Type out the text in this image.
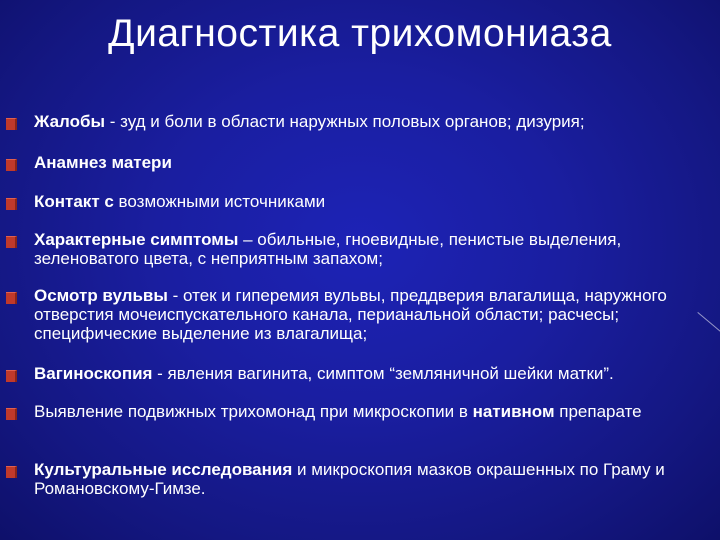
Диагностика трихомониаза
Жалобы - зуд и боли в области наружных половых органов; дизурия;
Анамнез матери
Контакт с возможными источниками
Характерные симптомы – обильные, гноевидные, пенистые выделения, зеленоватого цвета, с неприятным запахом;
Осмотр вульвы - отек и гиперемия вульвы, преддверия влагалища, наружного отверстия мочеиспускательного канала, перианальной области; расчесы; специфические выделение из влагалища;
Вагиноскопия - явления вагинита, симптом “земляничной шейки матки”.
Выявление подвижных трихомонад при микроскопии в нативном препарате
Культуральные исследования и микроскопия мазков окрашенных по Граму и Романовскому-Гимзе.
